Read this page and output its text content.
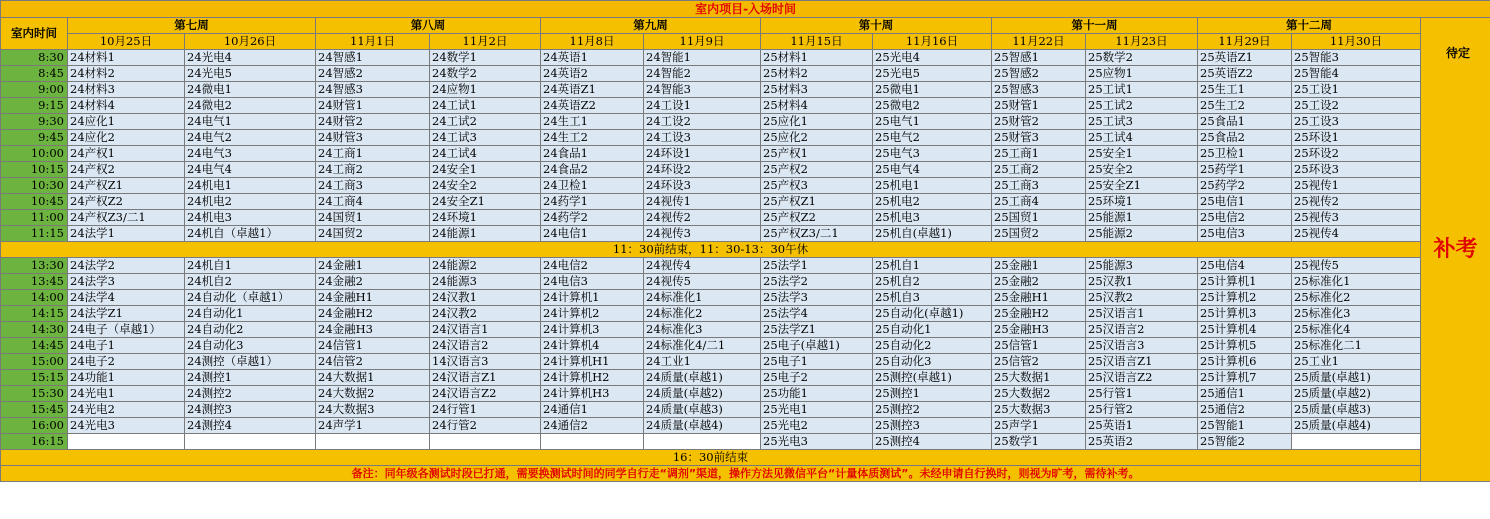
室内项目-入场时间													
室内时间	第七周		第八周		第九周		第十周		第十一周		第十二周		待定
补考

	10月25日	10月26日	11月1日	11月2日	11月8日	11月9日	11月15日	11月16日	11月22日	11月23日	11月29日	11月30日	
8:30	24材料1	24光电4	24智感1	24数学1	24英语1	24智能1	25材料1	25光电4	25智感1	25数学2	25英语Z1	25智能3	
8:45	24材料2	24光电5	24智感2	24数学2	24英语2	24智能2	25材料2	25光电5	25智感2	25应物1	25英语Z2	25智能4	
9:00	24材料3	24微电1	24智感3	24应物1	24英语Z1	24智能3	25材料3	25微电1	25智感3	25工试1	25生工1	25工设1	
9:15	24材料4	24微电2	24财管1	24工试1	24英语Z2	24工设1	25材料4	25微电2	25财管1	25工试2	25生工2	25工设2	
9:30	24应化1	24电气1	24财管2	24工试2	24生工1	24工设2	25应化1	25电气1	25财管2	25工试3	25食品1	25工设3	
9:45	24应化2	24电气2	24财管3	24工试3	24生工2	24工设3	25应化2	25电气2	25财管3	25工试4	25食品2	25环设1	
10:00	24产权1	24电气3	24工商1	24工试4	24食品1	24环设1	25产权1	25电气3	25工商1	25安全1	25卫检1	25环设2	
10:15	24产权2	24电气4	24工商2	24安全1	24食品2	24环设2	25产权2	25电气4	25工商2	25安全2	25药学1	25环设3	
10:30	24产权Z1	24机电1	24工商3	24安全2	24卫检1	24环设3	25产权3	25机电1	25工商3	25安全Z1	25药学2	25视传1	
10:45	24产权Z2	24机电2	24工商4	24安全Z1	24药学1	24视传1	25产权Z1	25机电2	25工商4	25环境1	25电信1	25视传2	
11:00	24产权Z3/二1	24机电3	24国贸1	24环境1	24药学2	24视传2	25产权Z2	25机电3	25国贸1	25能源1	25电信2	25视传3	
11:15	24法学1	24机自（卓越1）	24国贸2	24能源1	24电信1	24视传3	25产权Z3/二1	25机自(卓越1)	25国贸2	25能源2	25电信3	25视传4	
11：30前结束，11：30-13：30午休													
13:30	24法学2	24机自1	24金融1	24能源2	24电信2	24视传4	25法学1	25机自1	25金融1	25能源3	25电信4	25视传5	
13:45	24法学3	24机自2	24金融2	24能源3	24电信3	24视传5	25法学2	25机自2	25金融2	25汉教1	25计算机1	25标准化1	
14:00	24法学4	24自动化（卓越1）	24金融H1	24汉教1	24计算机1	24标准化1	25法学3	25机自3	25金融H1	25汉教2	25计算机2	25标准化2	
14:15	24法学Z1	24自动化1	24金融H2	24汉教2	24计算机2	24标准化2	25法学4	25自动化(卓越1)	25金融H2	25汉语言1	25计算机3	25标准化3	
14:30	24电子（卓越1）	24自动化2	24金融H3	24汉语言1	24计算机3	24标准化3	25法学Z1	25自动化1	25金融H3	25汉语言2	25计算机4	25标准化4	
14:45	24电子1	24自动化3	24信管1	24汉语言2	24计算机4	24标准化4/二1	25电子(卓越1)	25自动化2	25信管1	25汉语言3	25计算机5	25标准化二1	
15:00	24电子2	24测控（卓越1）	24信管2	14汉语言3	24计算机H1	24工业1	25电子1	25自动化3	25信管2	25汉语言Z1	25计算机6	25工业1	
15:15	24功能1	24测控1	24大数据1	24汉语言Z1	24计算机H2	24质量(卓越1)	25电子2	25测控(卓越1)	25大数据1	25汉语言Z2	25计算机7	25质量(卓越1)	
15:30	24光电1	24测控2	24大数据2	24汉语言Z2	24计算机H3	24质量(卓越2)	25功能1	25测控1	25大数据2	25行管1	25通信1	25质量(卓越2)	
15:45	24光电2	24测控3	24大数据3	24行管1	24通信1	24质量(卓越3)	25光电1	25测控2	25大数据3	25行管2	25通信2	25质量(卓越3)	
16:00	24光电3	24测控4	24声学1	24行管2	24通信2	24质量(卓越4)	25光电2	25测控3	25声学1	25英语1	25智能1	25质量(卓越4)	
16:15							25光电3	25测控4	25数学1	25英语2	25智能2		
16：30前结束													
备注：同年级各测试时段已打通，需要换测试时间的同学自行走“调剂”渠道，操作方法见微信平台“计量体质测试”。未经申请自行换时，则视为旷考，需待补考。													
